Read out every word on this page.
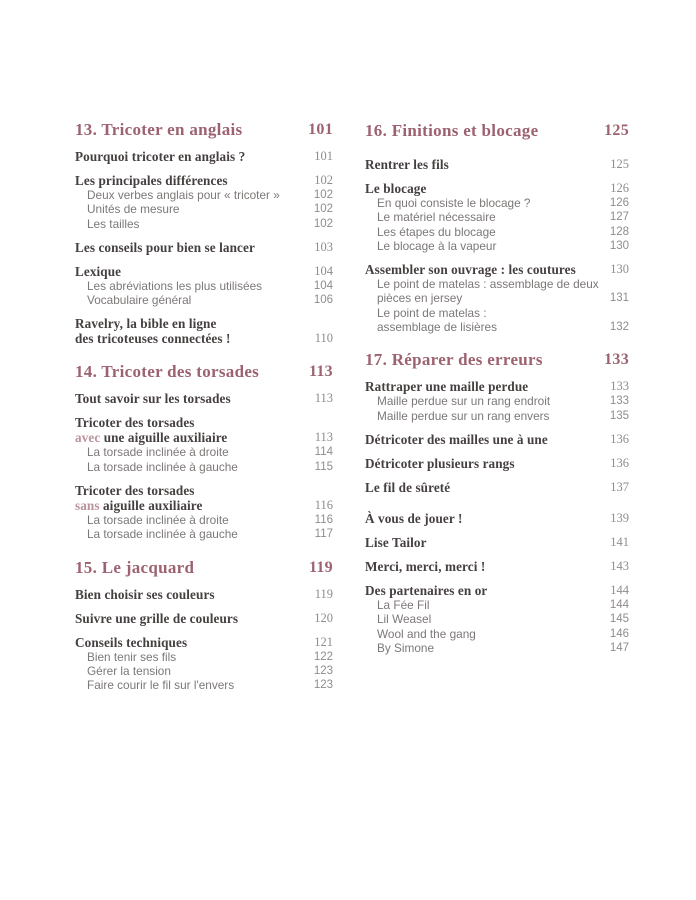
13. Tricoter en anglais	101
Pourquoi tricoter en anglais ?	101
Les principales différences	102
Deux verbes anglais pour « tricoter »	102
Unités de mesure	102
Les tailles	102
Les conseils pour bien se lancer	103
Lexique	104
Les abréviations les plus utilisées	104
Vocabulaire général	106
Ravelry, la bible en ligne
des tricoteuses connectées !	110
14. Tricoter des torsades	113
Tout savoir sur les torsades	113
Tricoter des torsades
avec une aiguille auxiliaire	113
La torsade inclinée à droite	114
La torsade inclinée à gauche	115
Tricoter des torsades
sans aiguille auxiliaire	116
La torsade inclinée à droite	116
La torsade inclinée à gauche	117
15. Le jacquard	119
Bien choisir ses couleurs	119
Suivre une grille de couleurs	120
Conseils techniques	121
Bien tenir ses fils	122
Gérer la tension	123
Faire courir le fil sur l'envers	123
16. Finitions et blocage	125
Rentrer les fils	125
Le blocage	126
En quoi consiste le blocage ?	126
Le matériel nécessaire	127
Les étapes du blocage	128
Le blocage à la vapeur	130
Assembler son ouvrage : les coutures	130
Le point de matelas : assemblage de deux
pièces en jersey	131
Le point de matelas :
assemblage de lisières	132
17. Réparer des erreurs	133
Rattraper une maille perdue	133
Maille perdue sur un rang endroit	133
Maille perdue sur un rang envers	135
Détricoter des mailles une à une	136
Détricoter plusieurs rangs	136
Le fil de sûreté	137
À vous de jouer !	139
Lise Tailor	141
Merci, merci, merci !	143
Des partenaires en or	144
La Fée Fil	144
Lil Weasel	145
Wool and the gang	146
By Simone	147
